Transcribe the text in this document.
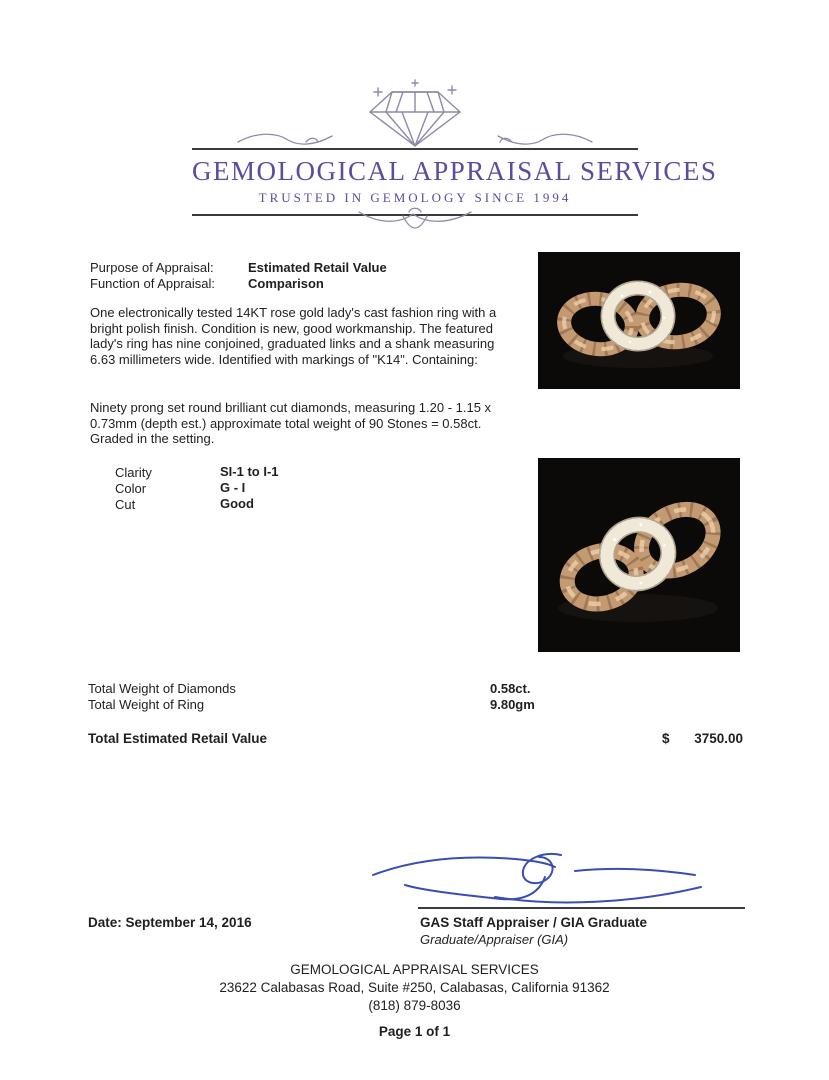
GEMOLOGICAL APPRAISAL SERVICES
TRUSTED IN GEMOLOGY SINCE 1994
Purpose of Appraisal:	Estimated Retail Value
Function of Appraisal:	Comparison
One electronically tested 14KT rose gold lady's cast fashion ring with a bright polish finish. Condition is new, good workmanship. The featured lady's ring has nine conjoined, graduated links and a shank measuring 6.63 millimeters wide. Identified with markings of "K14". Containing:
Ninety prong set round brilliant cut diamonds, measuring 1.20 - 1.15 x 0.73mm (depth est.) approximate total weight of 90 Stones = 0.58ct. Graded in the setting.
Clarity	SI-1 to I-1
Color	G - I
Cut	Good
Total Weight of Diamonds	0.58ct.
Total Weight of Ring	9.80gm
Total Estimated Retail Value	$	3750.00
Date: September 14, 2016	GAS Staff Appraiser / GIA Graduate
Graduate/Appraiser (GIA)
GEMOLOGICAL APPRAISAL SERVICES
23622 Calabasas Road, Suite #250, Calabasas, California 91362
(818) 879-8036
Page 1 of 1
